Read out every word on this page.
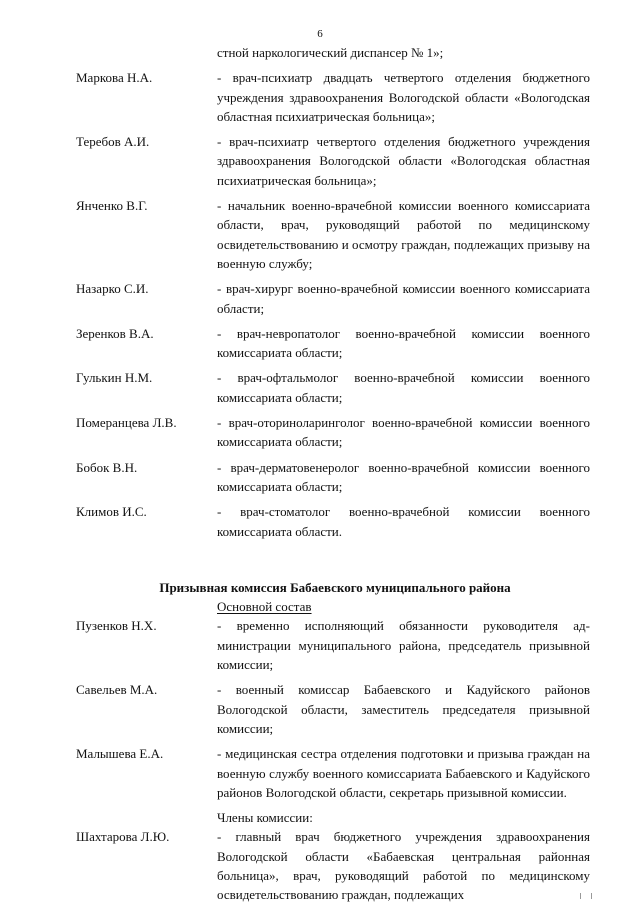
6
стной наркологический диспансер № 1»;
Маркова Н.А.	- врач-психиатр двадцать четвертого отделения бюджетного учреждения здравоохранения Вологодской области «Вологодская областная психиатрическая больница»;
Теребов А.И.	- врач-психиатр четвертого отделения бюджетного учреждения здравоохранения Вологодской области «Вологодская областная психиатрическая больница»;
Янченко В.Г.	- начальник военно-врачебной комиссии военного комиссариата области, врач, руководящий работой по медицинскому освидетельствованию и осмотру граждан, подлежащих призыву на военную службу;
Назарко С.И.	- врач-хирург военно-врачебной комиссии военного комиссариата области;
Зеренков В.А.	- врач-невропатолог военно-врачебной комиссии военного комиссариата области;
Гулькин Н.М.	- врач-офтальмолог военно-врачебной комиссии военного комиссариата области;
Померанцева Л.В.	- врач-оториноларинголог военно-врачебной комиссии военного комиссариата области;
Бобок В.Н.	- врач-дерматовенеролог военно-врачебной комиссии военного комиссариата области;
Климов И.С.	- врач-стоматолог военно-врачебной комиссии военного комиссариата области.
Призывная комиссия Бабаевского муниципального района
Основной состав
Пузенков Н.Х.	- временно исполняющий обязанности руководителя администрации муниципального района, председатель призывной комиссии;
Савельев М.А.	- военный комиссар Бабаевского и Кадуйского районов Вологодской области, заместитель председателя призывной комиссии;
Малышева Е.А.	- медицинская сестра отделения подготовки и призыва граждан на военную службу военного комиссариата Бабаевского и Кадуйского районов Вологодской области, секретарь призывной комиссии.
Члены комиссии:
Шахтарова Л.Ю.	- главный врач бюджетного учреждения здравоохранения Вологодской области «Бабаевская центральная районная больница», врач, руководящий работой по медицинскому освидетельствованию граждан, подлежащих
